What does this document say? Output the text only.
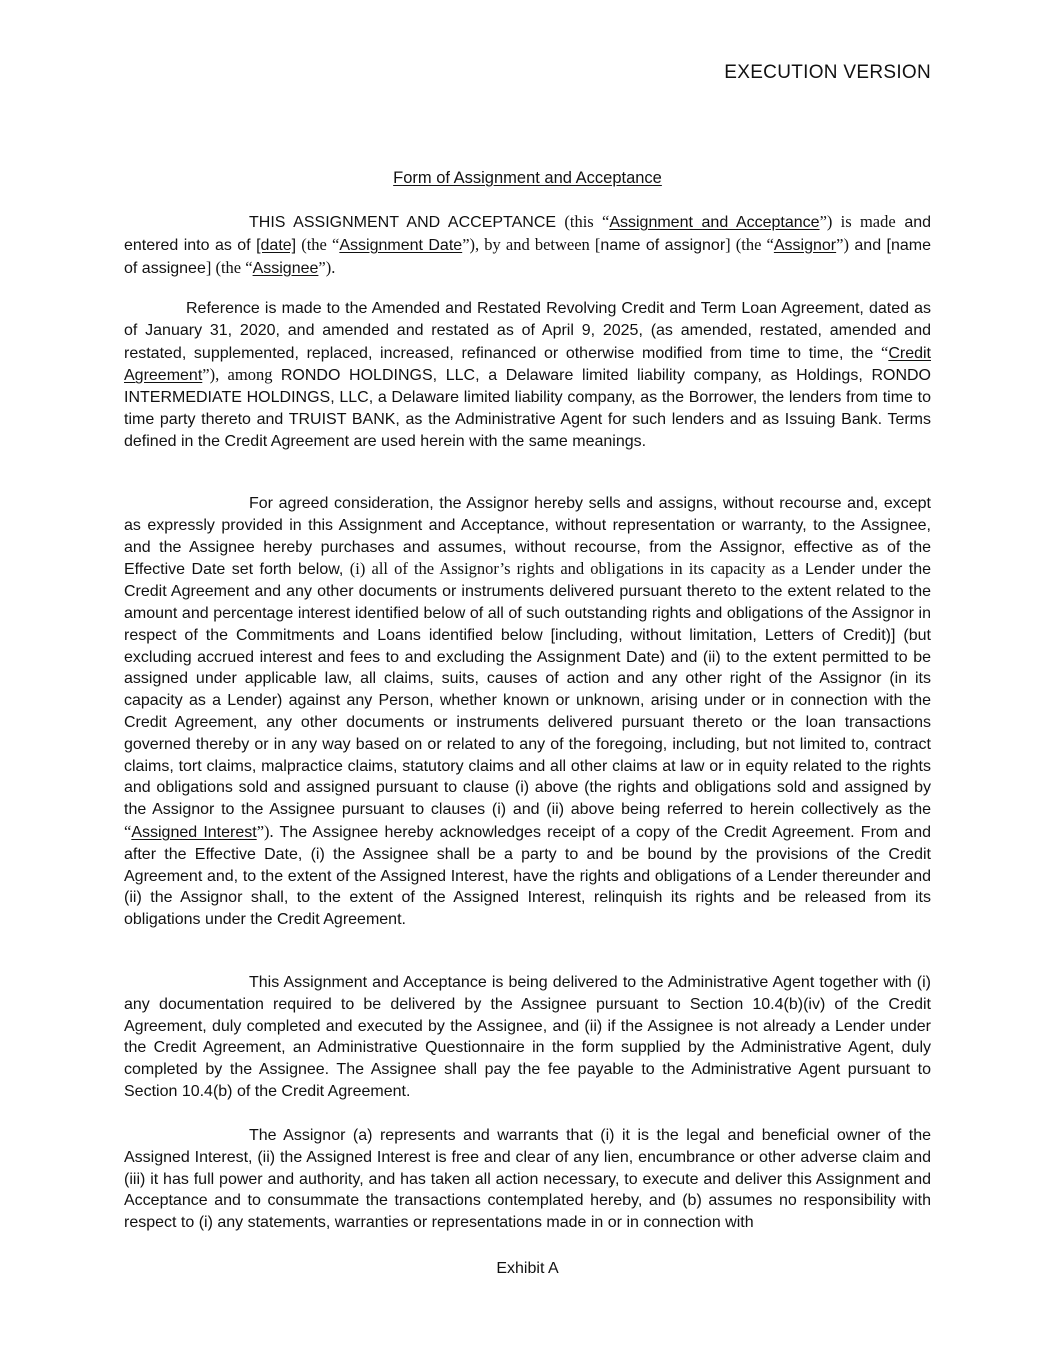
EXECUTION VERSION
Form of Assignment and Acceptance

THIS ASSIGNMENT AND ACCEPTANCE (this “Assignment and Acceptance”) is made and entered into as of [date] (the “Assignment Date”), by and between [name of assignor] (the “Assignor”) and [name of assignee] (the “Assignee”).

Reference is made to the Amended and Restated Revolving Credit and Term Loan Agreement, dated as of January 31, 2020, and amended and restated as of April 9, 2025, (as amended, restated, amended and restated, supplemented, replaced, increased, refinanced or otherwise modified from time to time, the “Credit Agreement”), among RONDO HOLDINGS, LLC, a Delaware limited liability company, as Holdings, RONDO INTERMEDIATE HOLDINGS, LLC, a Delaware limited liability company, as the Borrower, the lenders from time to time party thereto and TRUIST BANK, as the Administrative Agent for such lenders and as Issuing Bank. Terms defined in the Credit Agreement are used herein with the same meanings.

For agreed consideration, the Assignor hereby sells and assigns, without recourse and, except as expressly provided in this Assignment and Acceptance, without representation or warranty, to the Assignee, and the Assignee hereby purchases and assumes, without recourse, from the Assignor, effective as of the Effective Date set forth below, (i) all of the Assignor’s rights and obligations in its capacity as a Lender under the Credit Agreement and any other documents or instruments delivered pursuant thereto to the extent related to the amount and percentage interest identified below of all of such outstanding rights and obligations of the Assignor in respect of the Commitments and Loans identified below [including, without limitation, Letters of Credit)] (but excluding accrued interest and fees to and excluding the Assignment Date) and (ii) to the extent permitted to be assigned under applicable law, all claims, suits, causes of action and any other right of the Assignor (in its capacity as a Lender) against any Person, whether known or unknown, arising under or in connection with the Credit Agreement, any other documents or instruments delivered pursuant thereto or the loan transactions governed thereby or in any way based on or related to any of the foregoing, including, but not limited to, contract claims, tort claims, malpractice claims, statutory claims and all other claims at law or in equity related to the rights and obligations sold and assigned pursuant to clause (i) above (the rights and obligations sold and assigned by the Assignor to the Assignee pursuant to clauses (i) and (ii) above being referred to herein collectively as the “Assigned Interest”). The Assignee hereby acknowledges receipt of a copy of the Credit Agreement. From and after the Effective Date, (i) the Assignee shall be a party to and be bound by the provisions of the Credit Agreement and, to the extent of the Assigned Interest, have the rights and obligations of a Lender thereunder and (ii) the Assignor shall, to the extent of the Assigned Interest, relinquish its rights and be released from its obligations under the Credit Agreement.

This Assignment and Acceptance is being delivered to the Administrative Agent together with (i) any documentation required to be delivered by the Assignee pursuant to Section 10.4(b)(iv) of the Credit Agreement, duly completed and executed by the Assignee, and (ii) if the Assignee is not already a Lender under the Credit Agreement, an Administrative Questionnaire in the form supplied by the Administrative Agent, duly completed by the Assignee. The Assignee shall pay the fee payable to the Administrative Agent pursuant to Section 10.4(b) of the Credit Agreement.

The Assignor (a) represents and warrants that (i) it is the legal and beneficial owner of the Assigned Interest, (ii) the Assigned Interest is free and clear of any lien, encumbrance or other adverse claim and (iii) it has full power and authority, and has taken all action necessary, to execute and deliver this Assignment and Acceptance and to consummate the transactions contemplated hereby, and (b) assumes no responsibility with respect to (i) any statements, warranties or representations made in or in connection with

Exhibit A
